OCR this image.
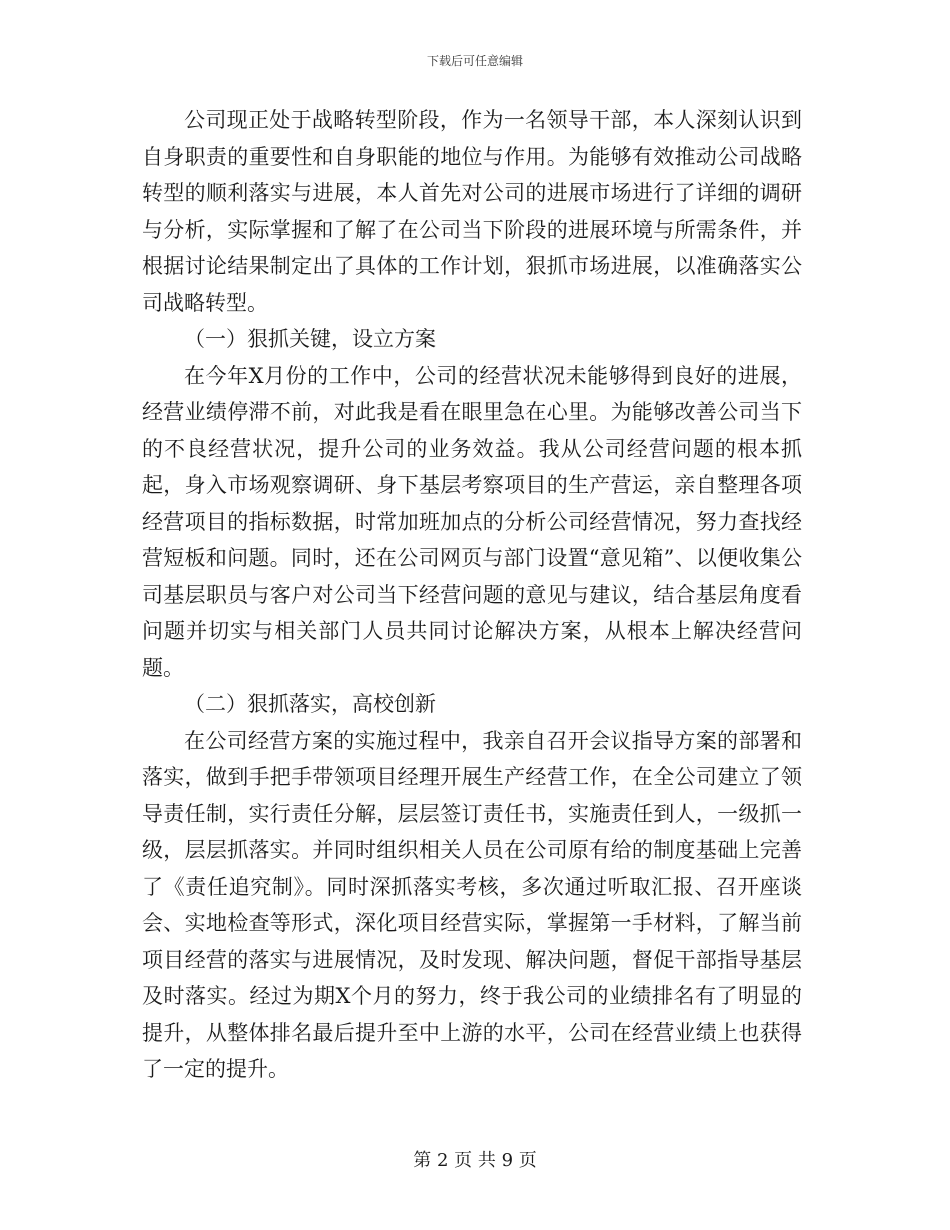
下载后可任意编辑

公司现正处于战略转型阶段，作为一名领导干部，本人深刻认识到自身职责的重要性和自身职能的地位与作用。为能够有效推动公司战略转型的顺利落实与进展，本人首先对公司的进展市场进行了详细的调研与分析，实际掌握和了解了在公司当下阶段的进展环境与所需条件，并根据讨论结果制定出了具体的工作计划，狠抓市场进展，以准确落实公司战略转型。

（一）狠抓关键，设立方案

在今年X月份的工作中，公司的经营状况未能够得到良好的进展，经营业绩停滞不前，对此我是看在眼里急在心里。为能够改善公司当下的不良经营状况，提升公司的业务效益。我从公司经营问题的根本抓起，身入市场观察调研、身下基层考察项目的生产营运，亲自整理各项经营项目的指标数据，时常加班加点的分析公司经营情况，努力查找经营短板和问题。同时，还在公司网页与部门设置“意见箱”、以便收集公司基层职员与客户对公司当下经营问题的意见与建议，结合基层角度看问题并切实与相关部门人员共同讨论解决方案，从根本上解决经营问题。

（二）狠抓落实，高校创新

在公司经营方案的实施过程中，我亲自召开会议指导方案的部署和落实，做到手把手带领项目经理开展生产经营工作，在全公司建立了领导责任制，实行责任分解，层层签订责任书，实施责任到人，一级抓一级，层层抓落实。并同时组织相关人员在公司原有给的制度基础上完善了《责任追究制》。同时深抓落实考核，多次通过听取汇报、召开座谈会、实地检查等形式，深化项目经营实际，掌握第一手材料，了解当前项目经营的落实与进展情况，及时发现、解决问题，督促干部指导基层及时落实。经过为期X个月的努力，终于我公司的业绩排名有了明显的提升，从整体排名最后提升至中上游的水平，公司在经营业绩上也获得了一定的提升。

第 2 页 共 9 页
